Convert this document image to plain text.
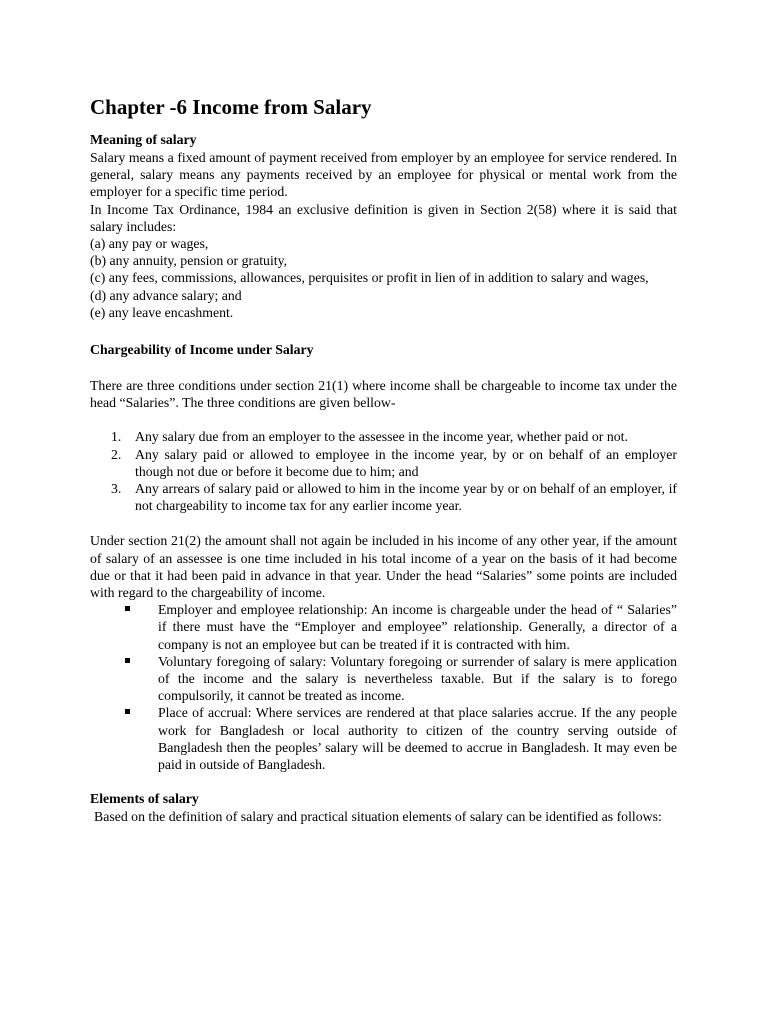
Chapter -6 Income from Salary
Meaning of salary

Salary means a fixed amount of payment received from employer by an employee for service rendered. In general, salary means any payments received by an employee for physical or mental work from the employer for a specific time period.

In Income Tax Ordinance, 1984 an exclusive definition is given in Section 2(58) where it is said that salary includes:

(a) any pay or wages,

(b) any annuity, pension or gratuity,

(c) any fees, commissions, allowances, perquisites or profit in lien of in addition to salary and wages,

(d) any advance salary; and

(e) any leave encashment.

Chargeability of Income under Salary

There are three conditions under section 21(1) where income shall be chargeable to income tax under the head “Salaries”. The three conditions are given bellow-

1. Any salary due from an employer to the assessee in the income year, whether paid or not.
2. Any salary paid or allowed to employee in the income year, by or on behalf of an employer though not due or before it become due to him; and
3. Any arrears of salary paid or allowed to him in the income year by or on behalf of an employer, if not chargeability to income tax for any earlier income year.

Under section 21(2) the amount shall not again be included in his income of any other year, if the amount of salary of an assessee is one time included in his total income of a year on the basis of it had become due or that it had been paid in advance in that year. Under the head “Salaries” some points are included with regard to the chargeability of income.

Employer and employee relationship: An income is chargeable under the head of “ Salaries” if there must have the “Employer and employee” relationship. Generally, a director of a company is not an employee but can be treated if it is contracted with him.
Voluntary foregoing of salary: Voluntary foregoing or surrender of salary is mere application of the income and the salary is nevertheless taxable. But if the salary is to forego compulsorily, it cannot be treated as income.
Place of accrual: Where services are rendered at that place salaries accrue. If the any people work for Bangladesh or local authority to citizen of the country serving outside of Bangladesh then the peoples’ salary will be deemed to accrue in Bangladesh. It may even be paid in outside of Bangladesh.
Elements of salary

Based on the definition of salary and practical situation elements of salary can be identified as follows:
